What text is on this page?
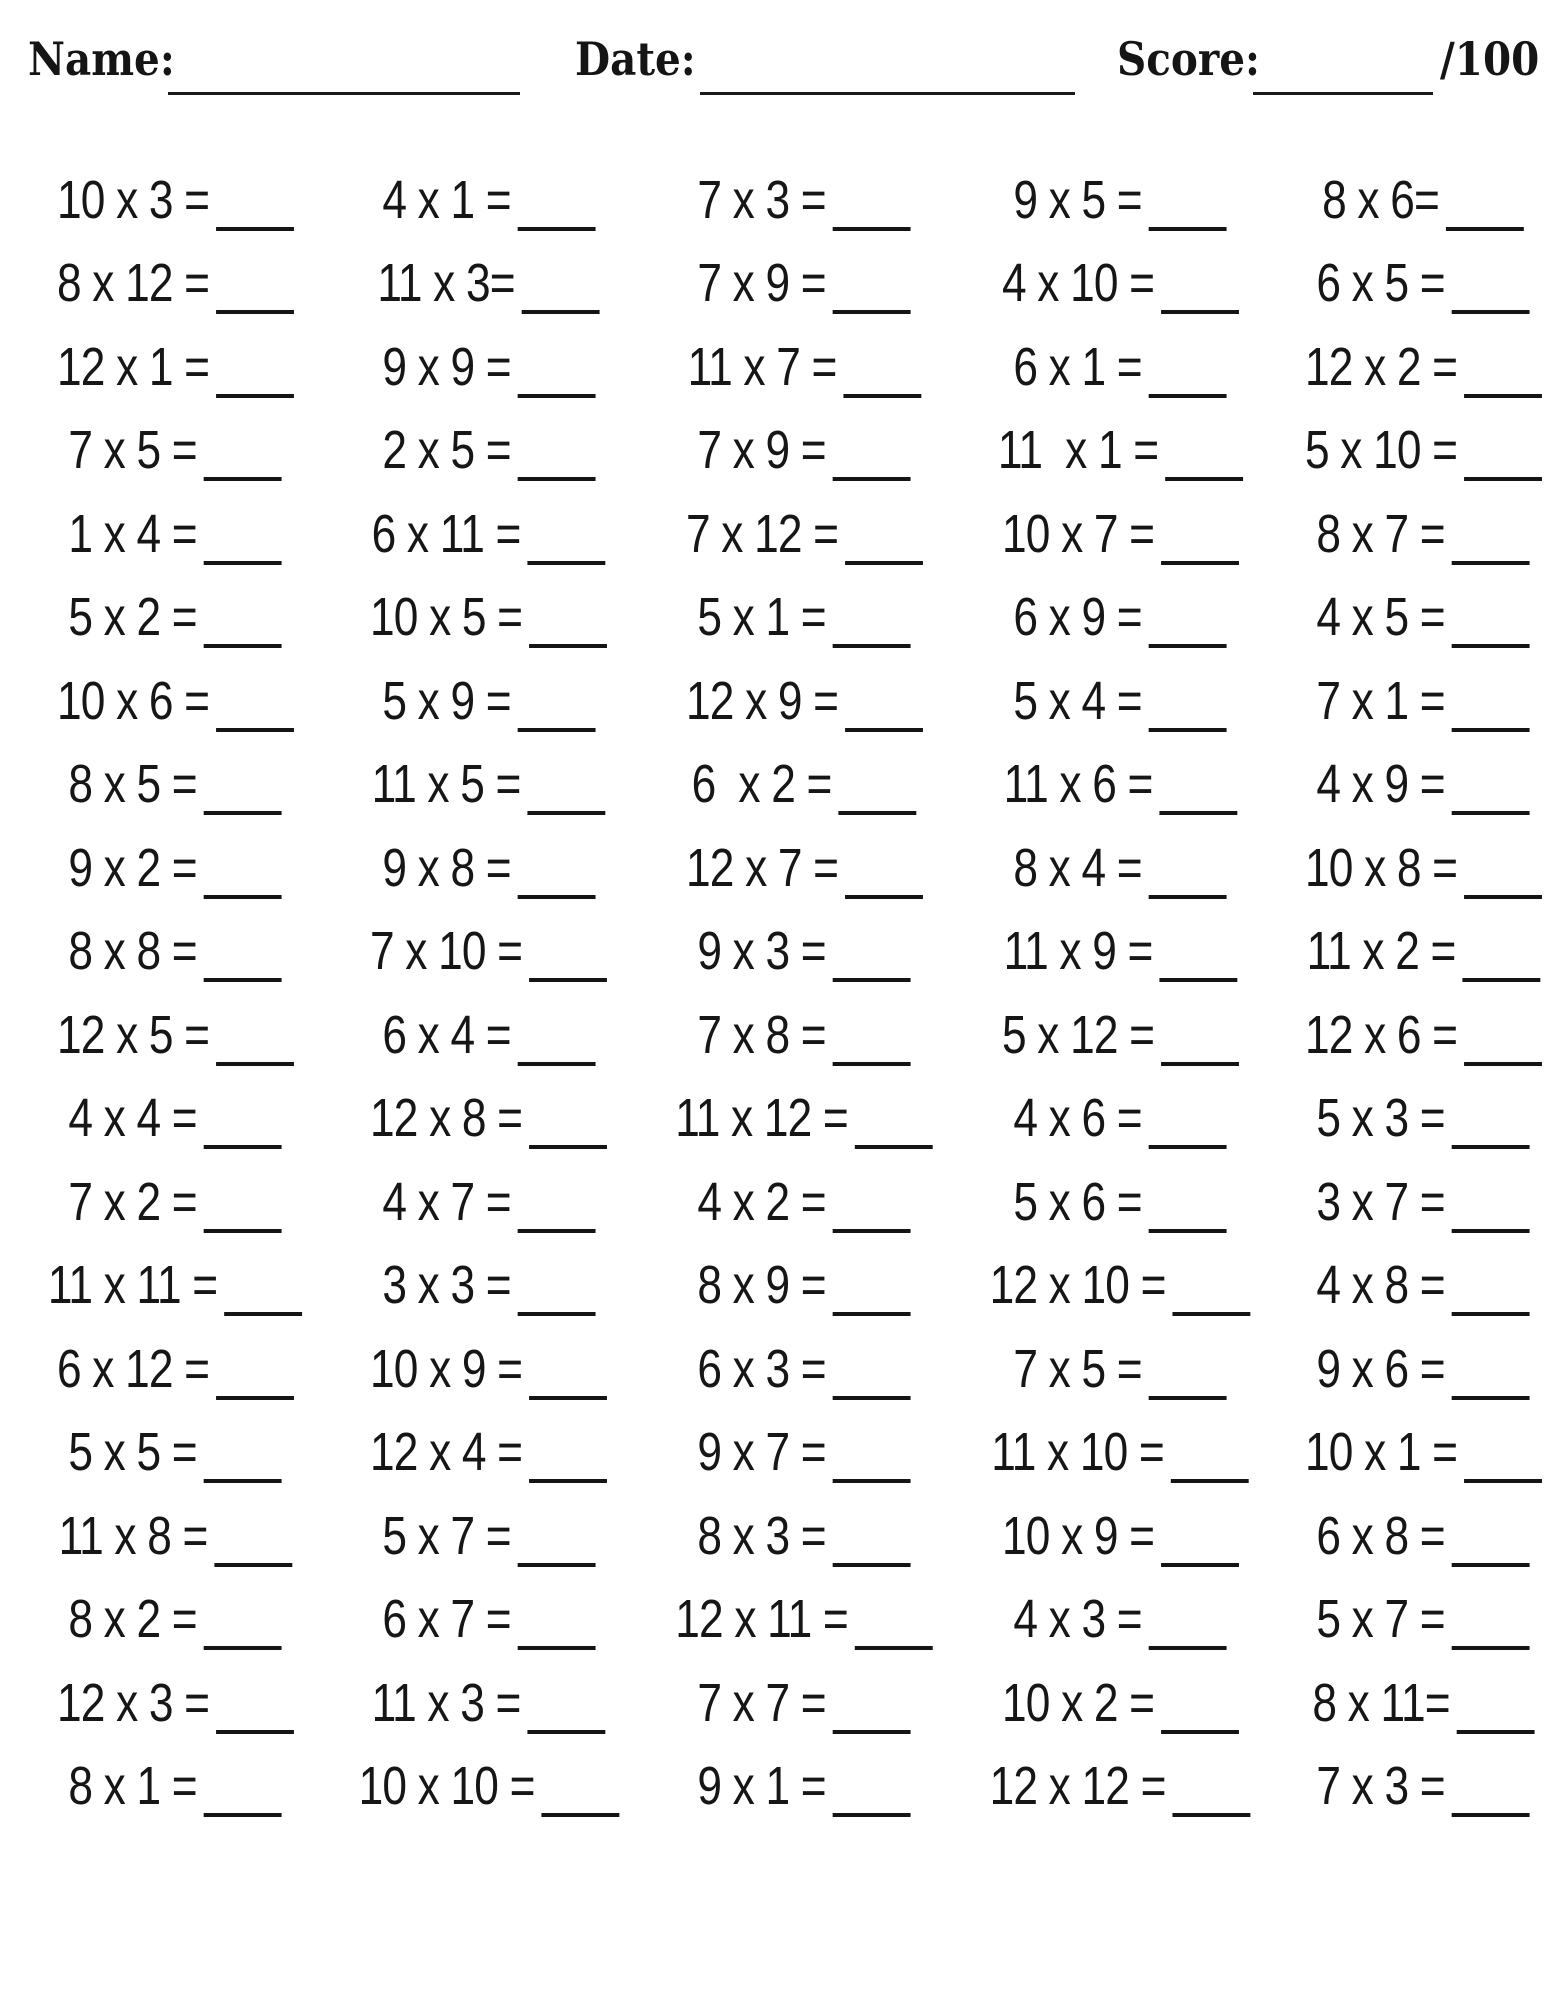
Name:	Date:	Score:	/100
10 x 3 =	4 x 1 =	7 x 3 =	9 x 5 =	8 x 6=
8 x 12 =	11 x 3=	7 x 9 =	4 x 10 =	6 x 5 =
12 x 1 =	9 x 9 =	11 x 7 =	6 x 1 =	12 x 2 =
7 x 5 =	2 x 5 =	7 x 9 =	11  x 1 =	5 x 10 =
1 x 4 =	6 x 11 =	7 x 12 =	10 x 7 =	8 x 7 =
5 x 2 =	10 x 5 =	5 x 1 =	6 x 9 =	4 x 5 =
10 x 6 =	5 x 9 =	12 x 9 =	5 x 4 =	7 x 1 =
8 x 5 =	11 x 5 =	6  x 2 =	11 x 6 =	4 x 9 =
9 x 2 =	9 x 8 =	12 x 7 =	8 x 4 =	10 x 8 =
8 x 8 =	7 x 10 =	9 x 3 =	11 x 9 =	11 x 2 =
12 x 5 =	6 x 4 =	7 x 8 =	5 x 12 =	12 x 6 =
4 x 4 =	12 x 8 =	11 x 12 =	4 x 6 =	5 x 3 =
7 x 2 =	4 x 7 =	4 x 2 =	5 x 6 =	3 x 7 =
11 x 11 =	3 x 3 =	8 x 9 =	12 x 10 =	4 x 8 =
6 x 12 =	10 x 9 =	6 x 3 =	7 x 5 =	9 x 6 =
5 x 5 =	12 x 4 =	9 x 7 =	11 x 10 =	10 x 1 =
11 x 8 =	5 x 7 =	8 x 3 =	10 x 9 =	6 x 8 =
8 x 2 =	6 x 7 =	12 x 11 =	4 x 3 =	5 x 7 =
12 x 3 =	11 x 3 =	7 x 7 =	10 x 2 =	8 x 11=
8 x 1 =	10 x 10 =	9 x 1 =	12 x 12 =	7 x 3 =
